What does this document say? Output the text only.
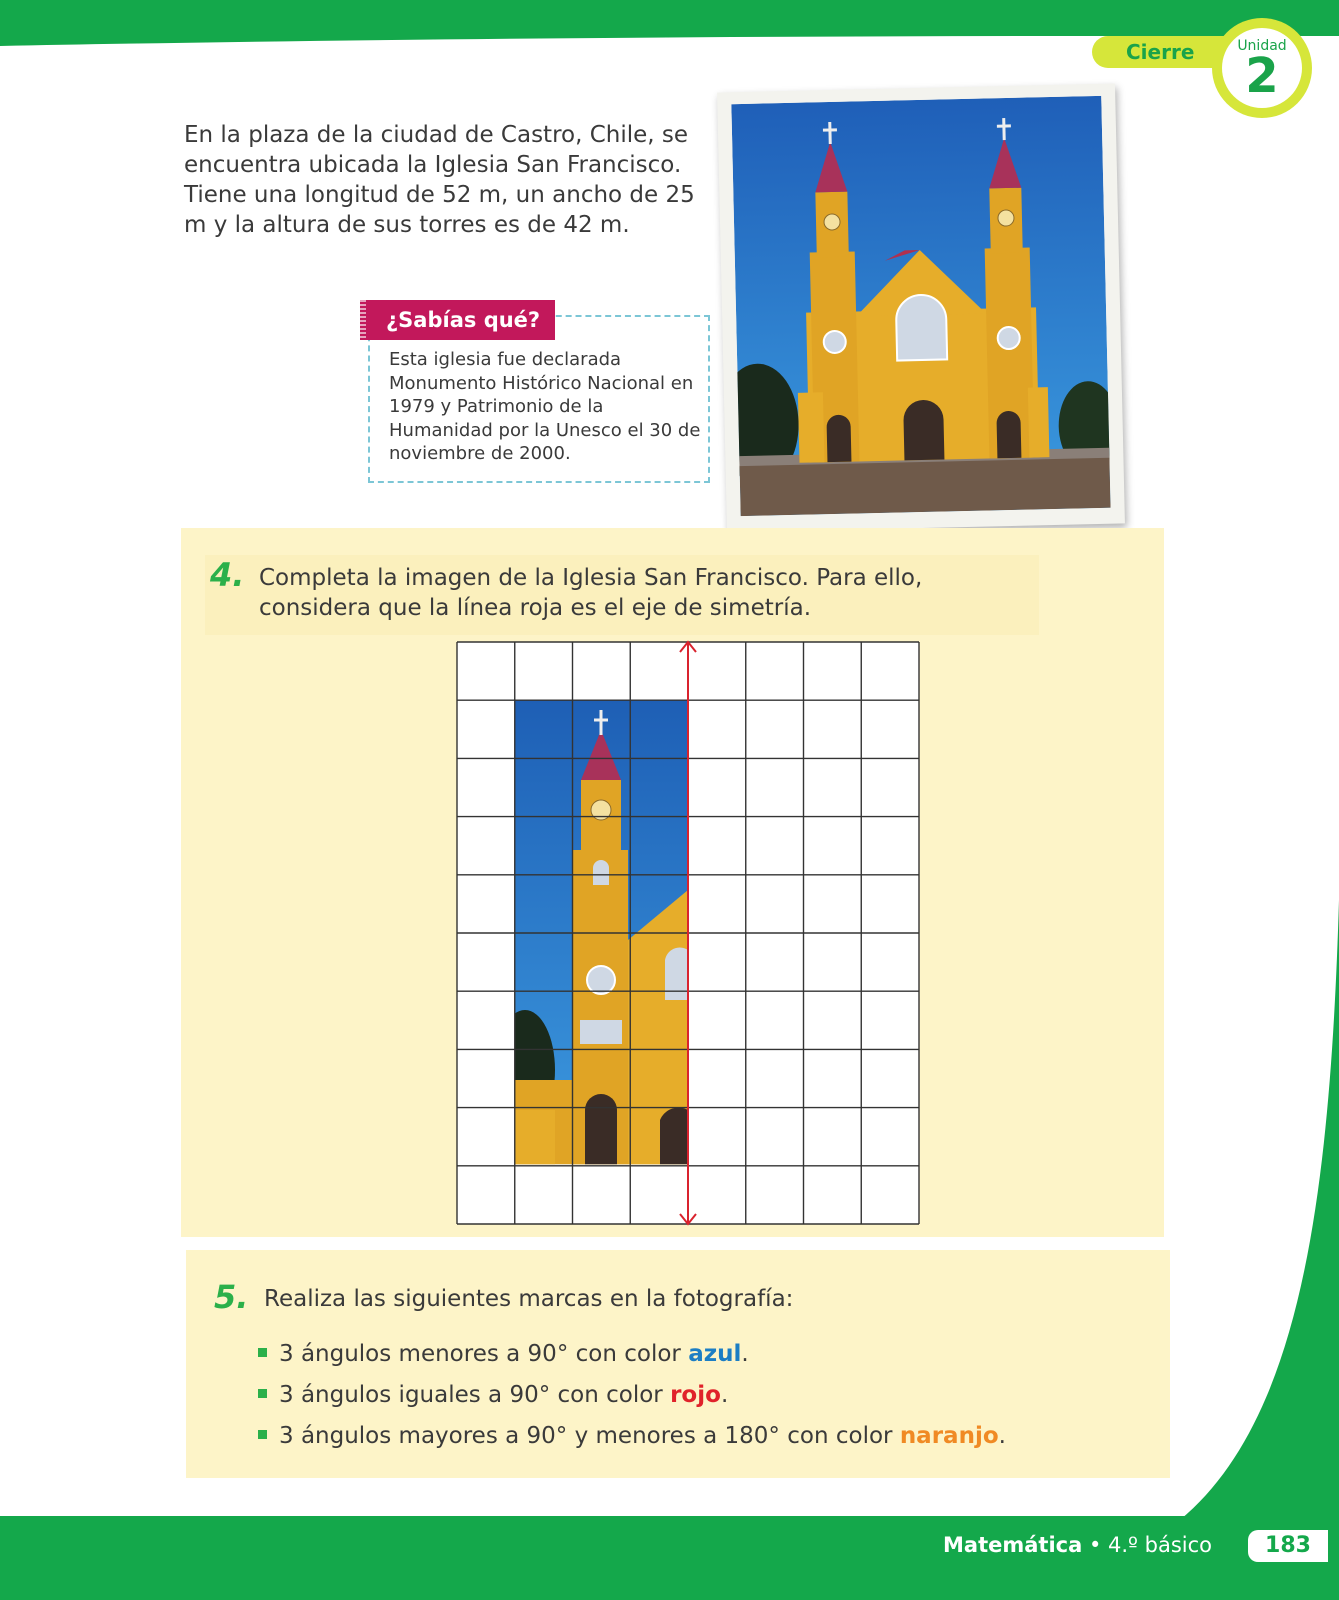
Cierre	Unidad
2

En la plaza de la ciudad de Castro, Chile, se encuentra ubicada la Iglesia San Francisco. Tiene una longitud de 52 m, un ancho de 25 m y la altura de sus torres es de 42 m.

¿Sabías qué?

Esta iglesia fue declarada Monumento Histórico Nacional en 1979 y Patrimonio de la Humanidad por la Unesco el 30 de noviembre de 2000.

4. Completa la imagen de la Iglesia San Francisco. Para ello, considera que la línea roja es el eje de simetría.

5. Realiza las siguientes marcas en la fotografía:

3 ángulos menores a 90° con color azul.
3 ángulos iguales a 90° con color rojo.
3 ángulos mayores a 90° y menores a 180° con color naranjo.
Matemática • 4.º básico	183
